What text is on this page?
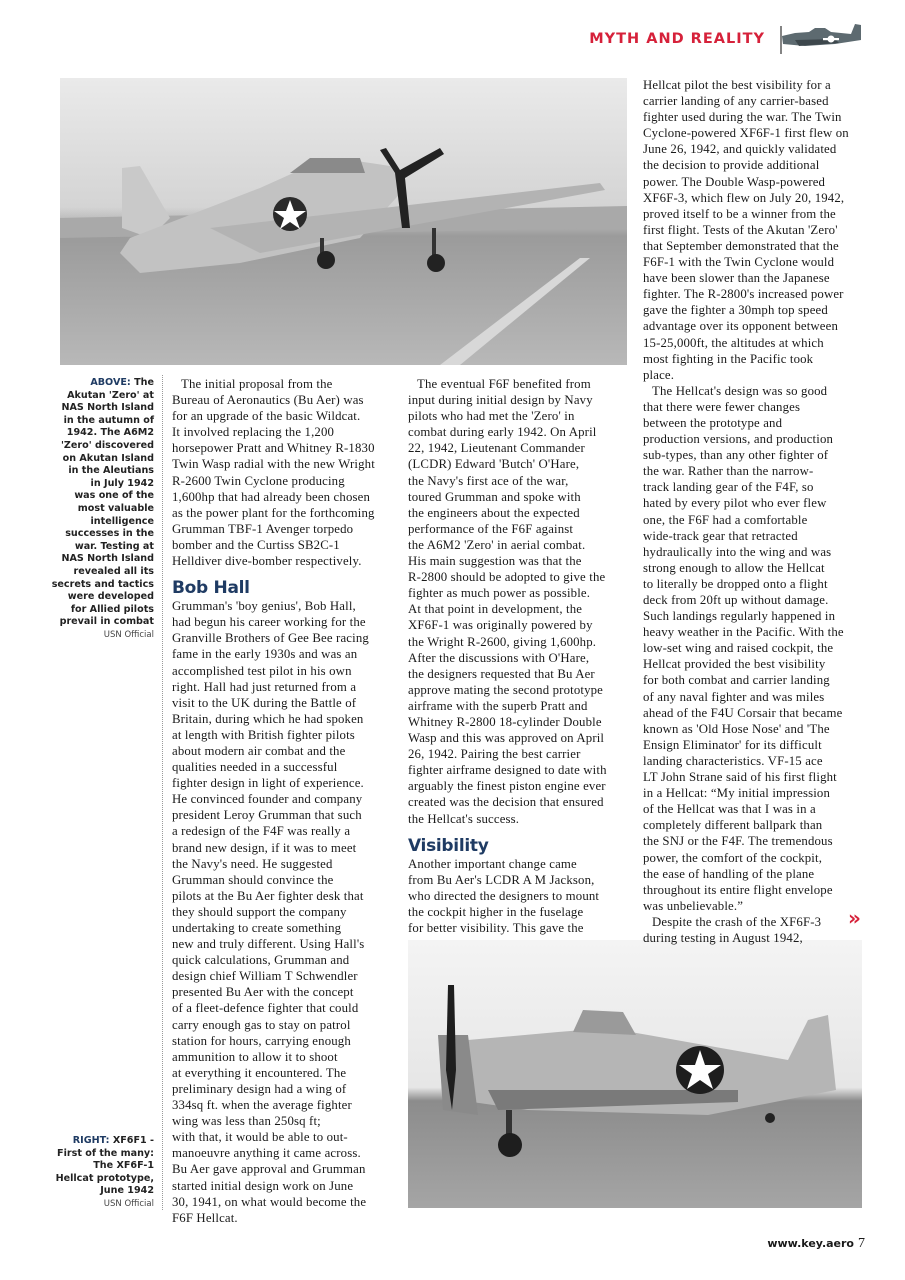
MYTH AND REALITY
ABOVE: The
Akutan 'Zero' at
NAS North Island
in the autumn of
1942. The A6M2
'Zero' discovered
on Akutan Island
in the Aleutians
in July 1942
was one of the
most valuable
intelligence
successes in the
war. Testing at
NAS North Island
revealed all its
secrets and tactics
were developed
for Allied pilots
prevail in combat
USN Official
RIGHT: XF6F1 -
First of the many:
The XF6F-1
Hellcat prototype,
June 1942
USN Official
The initial proposal from the
Bureau of Aeronautics (Bu Aer) was
for an upgrade of the basic Wildcat.
It involved replacing the 1,200
horsepower Pratt and Whitney R-1830
Twin Wasp radial with the new Wright
R-2600 Twin Cyclone producing
1,600hp that had already been chosen
as the power plant for the forthcoming
Grumman TBF-1 Avenger torpedo
bomber and the Curtiss SB2C-1
Helldiver dive-bomber respectively.
Bob Hall
Grumman's 'boy genius', Bob Hall,
had begun his career working for the
Granville Brothers of Gee Bee racing
fame in the early 1930s and was an
accomplished test pilot in his own
right. Hall had just returned from a
visit to the UK during the Battle of
Britain, during which he had spoken
at length with British fighter pilots
about modern air combat and the
qualities needed in a successful
fighter design in light of experience.
He convinced founder and company
president Leroy Grumman that such
a redesign of the F4F was really a
brand new design, if it was to meet
the Navy's need. He suggested
Grumman should convince the
pilots at the Bu Aer fighter desk that
they should support the company
undertaking to create something
new and truly different. Using Hall's
quick calculations, Grumman and
design chief William T Schwendler
presented Bu Aer with the concept
of a fleet-defence fighter that could
carry enough gas to stay on patrol
station for hours, carrying enough
ammunition to allow it to shoot
at everything it encountered. The
preliminary design had a wing of
334sq ft. when the average fighter
wing was less than 250sq ft;
with that, it would be able to out-
manoeuvre anything it came across.
Bu Aer gave approval and Grumman
started initial design work on June
30, 1941, on what would become the
F6F Hellcat.
The eventual F6F benefited from
input during initial design by Navy
pilots who had met the 'Zero' in
combat during early 1942. On April
22, 1942, Lieutenant Commander
(LCDR) Edward 'Butch' O'Hare,
the Navy's first ace of the war,
toured Grumman and spoke with
the engineers about the expected
performance of the F6F against
the A6M2 'Zero' in aerial combat.
His main suggestion was that the
R-2800 should be adopted to give the
fighter as much power as possible.
At that point in development, the
XF6F-1 was originally powered by
the Wright R-2600, giving 1,600hp.
After the discussions with O'Hare,
the designers requested that Bu Aer
approve mating the second prototype
airframe with the superb Pratt and
Whitney R-2800 18-cylinder Double
Wasp and this was approved on April
26, 1942. Pairing the best carrier
fighter airframe designed to date with
arguably the finest piston engine ever
created was the decision that ensured
the Hellcat's success.
Visibility
Another important change came
from Bu Aer's LCDR A M Jackson,
who directed the designers to mount
the cockpit higher in the fuselage
for better visibility. This gave the
Hellcat pilot the best visibility for a
carrier landing of any carrier-based
fighter used during the war. The Twin
Cyclone-powered XF6F-1 first flew on
June 26, 1942, and quickly validated
the decision to provide additional
power. The Double Wasp-powered
XF6F-3, which flew on July 20, 1942,
proved itself to be a winner from the
first flight. Tests of the Akutan 'Zero'
that September demonstrated that the
F6F-1 with the Twin Cyclone would
have been slower than the Japanese
fighter. The R-2800's increased power
gave the fighter a 30mph top speed
advantage over its opponent between
15-25,000ft, the altitudes at which
most fighting in the Pacific took
place.
The Hellcat's design was so good
that there were fewer changes
between the prototype and
production versions, and production
sub-types, than any other fighter of
the war. Rather than the narrow-
track landing gear of the F4F, so
hated by every pilot who ever flew
one, the F6F had a comfortable
wide-track gear that retracted
hydraulically into the wing and was
strong enough to allow the Hellcat
to literally be dropped onto a flight
deck from 20ft up without damage.
Such landings regularly happened in
heavy weather in the Pacific. With the
low-set wing and raised cockpit, the
Hellcat provided the best visibility
for both combat and carrier landing
of any naval fighter and was miles
ahead of the F4U Corsair that became
known as 'Old Hose Nose' and 'The
Ensign Eliminator' for its difficult
landing characteristics. VF-15 ace
LT John Strane said of his first flight
in a Hellcat: “My initial impression
of the Hellcat was that I was in a
completely different ballpark than
the SNJ or the F4F. The tremendous
power, the comfort of the cockpit,
the ease of handling of the plane
throughout its entire flight envelope
was unbelievable.”
Despite the crash of the XF6F-3
during testing in August 1942,
»
www.key.aero 7
